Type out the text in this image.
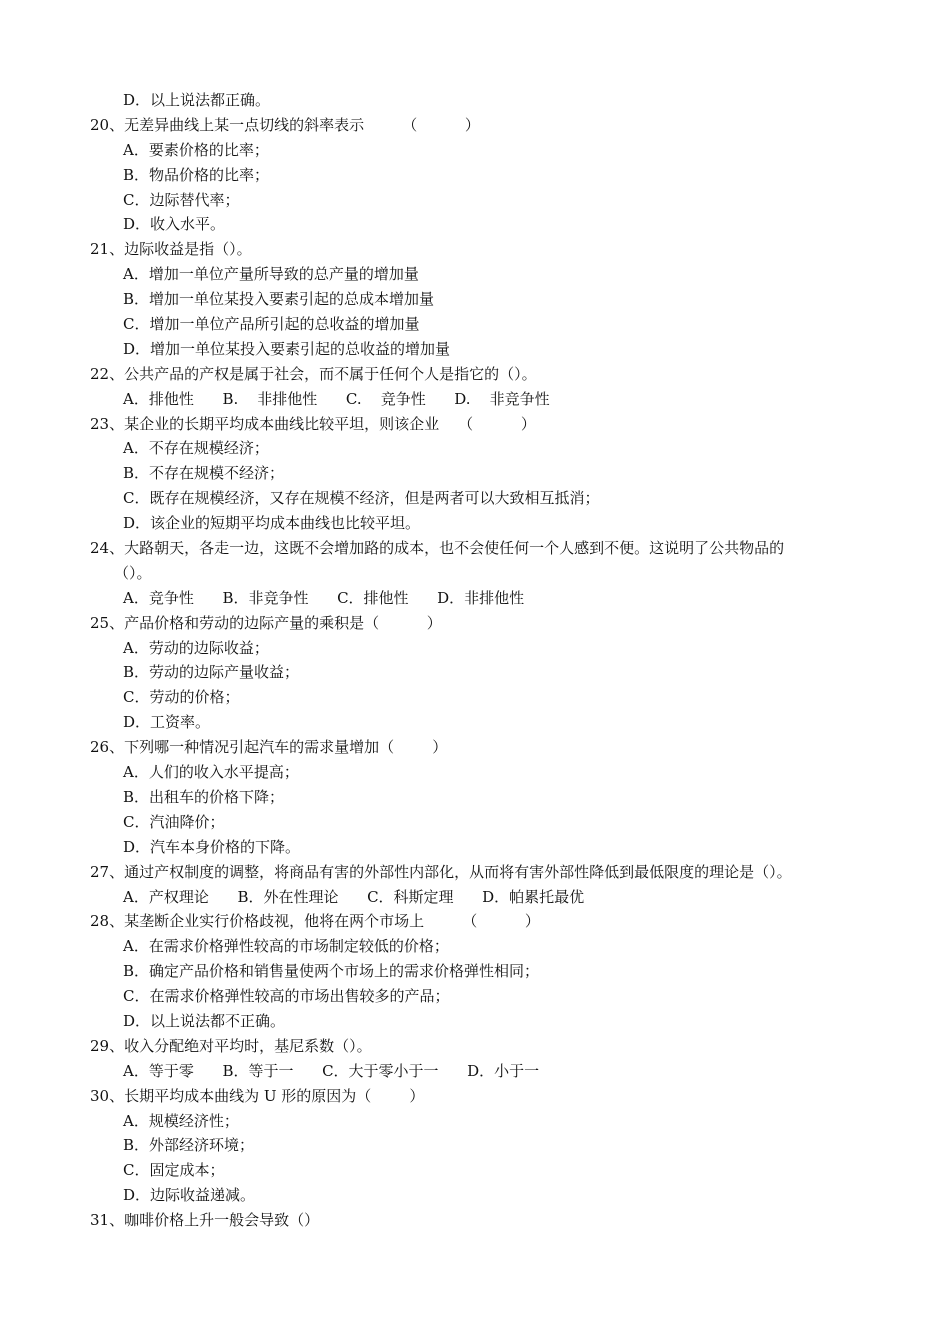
D．以上说法都正确。
20、无差异曲线上某一点切线的斜率表示        （          ）
A．要素价格的比率；
B．物品价格的比率；
C．边际替代率；
D．收入水平。
21、边际收益是指（）。
A．增加一单位产量所导致的总产量的增加量
B．增加一单位某投入要素引起的总成本增加量
C．增加一单位产品所引起的总收益的增加量
D．增加一单位某投入要素引起的总收益的增加量
22、公共产品的产权是属于社会，而不属于任何个人是指它的（）。
A．排他性      B.    非排他性      C.    竞争性      D.    非竞争性
23、某企业的长期平均成本曲线比较平坦，则该企业    （          ）
A．不存在规模经济；
B．不存在规模不经济；
C．既存在规模经济，又存在规模不经济，但是两者可以大致相互抵消；
D．该企业的短期平均成本曲线也比较平坦。
24、大路朝天，各走一边，这既不会增加路的成本，也不会使任何一个人感到不便。这说明了公共物品的
（）。
A．竞争性      B．非竞争性      C．排他性      D．非排他性
25、产品价格和劳动的边际产量的乘积是（          ）
A．劳动的边际收益；
B．劳动的边际产量收益；
C．劳动的价格；
D．工资率。
26、下列哪一种情况引起汽车的需求量增加（        ）
A．人们的收入水平提高；
B．出租车的价格下降；
C．汽油降价；
D．汽车本身价格的下降。
27、通过产权制度的调整，将商品有害的外部性内部化，从而将有害外部性降低到最低限度的理论是（）。
A．产权理论      B．外在性理论      C．科斯定理      D．帕累托最优
28、某垄断企业实行价格歧视，他将在两个市场上        （          ）
A．在需求价格弹性较高的市场制定较低的价格；
B．确定产品价格和销售量使两个市场上的需求价格弹性相同；
C．在需求价格弹性较高的市场出售较多的产品；
D．以上说法都不正确。
29、收入分配绝对平均时，基尼系数（）。
A．等于零      B．等于一      C．大于零小于一      D．小于一
30、长期平均成本曲线为 U 形的原因为（        ）
A．规模经济性；
B．外部经济环境；
C．固定成本；
D．边际收益递减。
31、咖啡价格上升一般会导致（）
